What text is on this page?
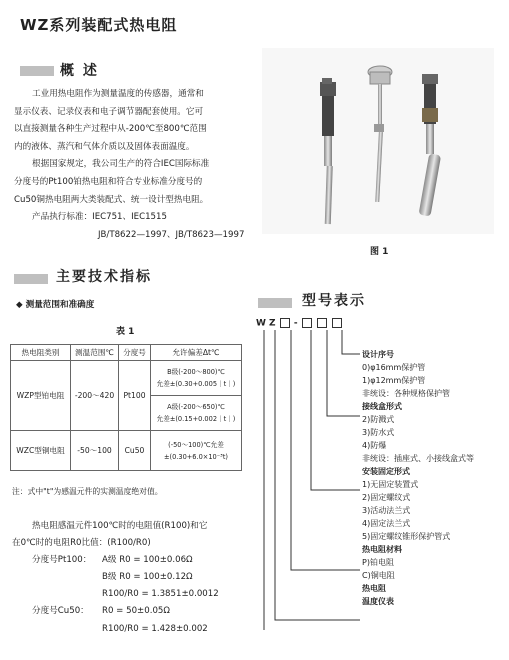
WZ系列装配式热电阻
概 述

工业用热电阻作为测量温度的传感器，通常和

显示仪表、记录仪表和电子调节器配套使用。它可

以直接测量各种生产过程中从-200℃至800℃范围

内的液体、蒸汽和气体介质以及固体表面温度。

根据国家规定，我公司生产的符合IEC国际标准

分度号的Pt100铂热电阻和符合专业标准分度号的

Cu50铜热电阻两大类装配式、统一设计型热电阻。

产品执行标准：IEC751、IEC1515

JB/T8622—1997、JB/T8623—1997

图 1
主要技术指标
◆ 测量范围和准确度
表 1
热电阻类别	测温范围℃	分度号	允许偏差Δt℃
WZP型铂电阻	-200～420	Pt100	B级(-200～800)℃
允差±(0.30+0.005｜t｜)

			A级(-200～650)℃
允差±(0.15+0.002｜t｜)

WZC型铜电阻	-50～100	Cu50	(-50～100)℃允差
±(0.30+6.0×10⁻³t)
注：式中"t"为感温元件的实测温度绝对值。
热电阻感温元件100℃时的电阻值(R100)和它
在0℃时的电阻R0比值：(R100/R0)
分度号Pt100： A级 R0 = 100±0.06Ω
B级 R0 = 100±0.12Ω
R100/R0 = 1.3851±0.0012
分度号Cu50： R0 = 50±0.05Ω
R100/R0 = 1.428±0.002
型号表示
W Z -
设计序号
0)φ16mm保护管
1)φ12mm保护管
非统设：各种规格保护管
接线盒形式
2)防溅式
3)防水式
4)防爆
非统设：插座式、小接线盒式等
安装固定形式
1)无固定装置式
2)固定螺纹式
3)活动法兰式
4)固定法兰式
5)固定螺纹锥形保护管式
热电阻材料
P)铂电阻
C)铜电阻
热电阻
温度仪表
